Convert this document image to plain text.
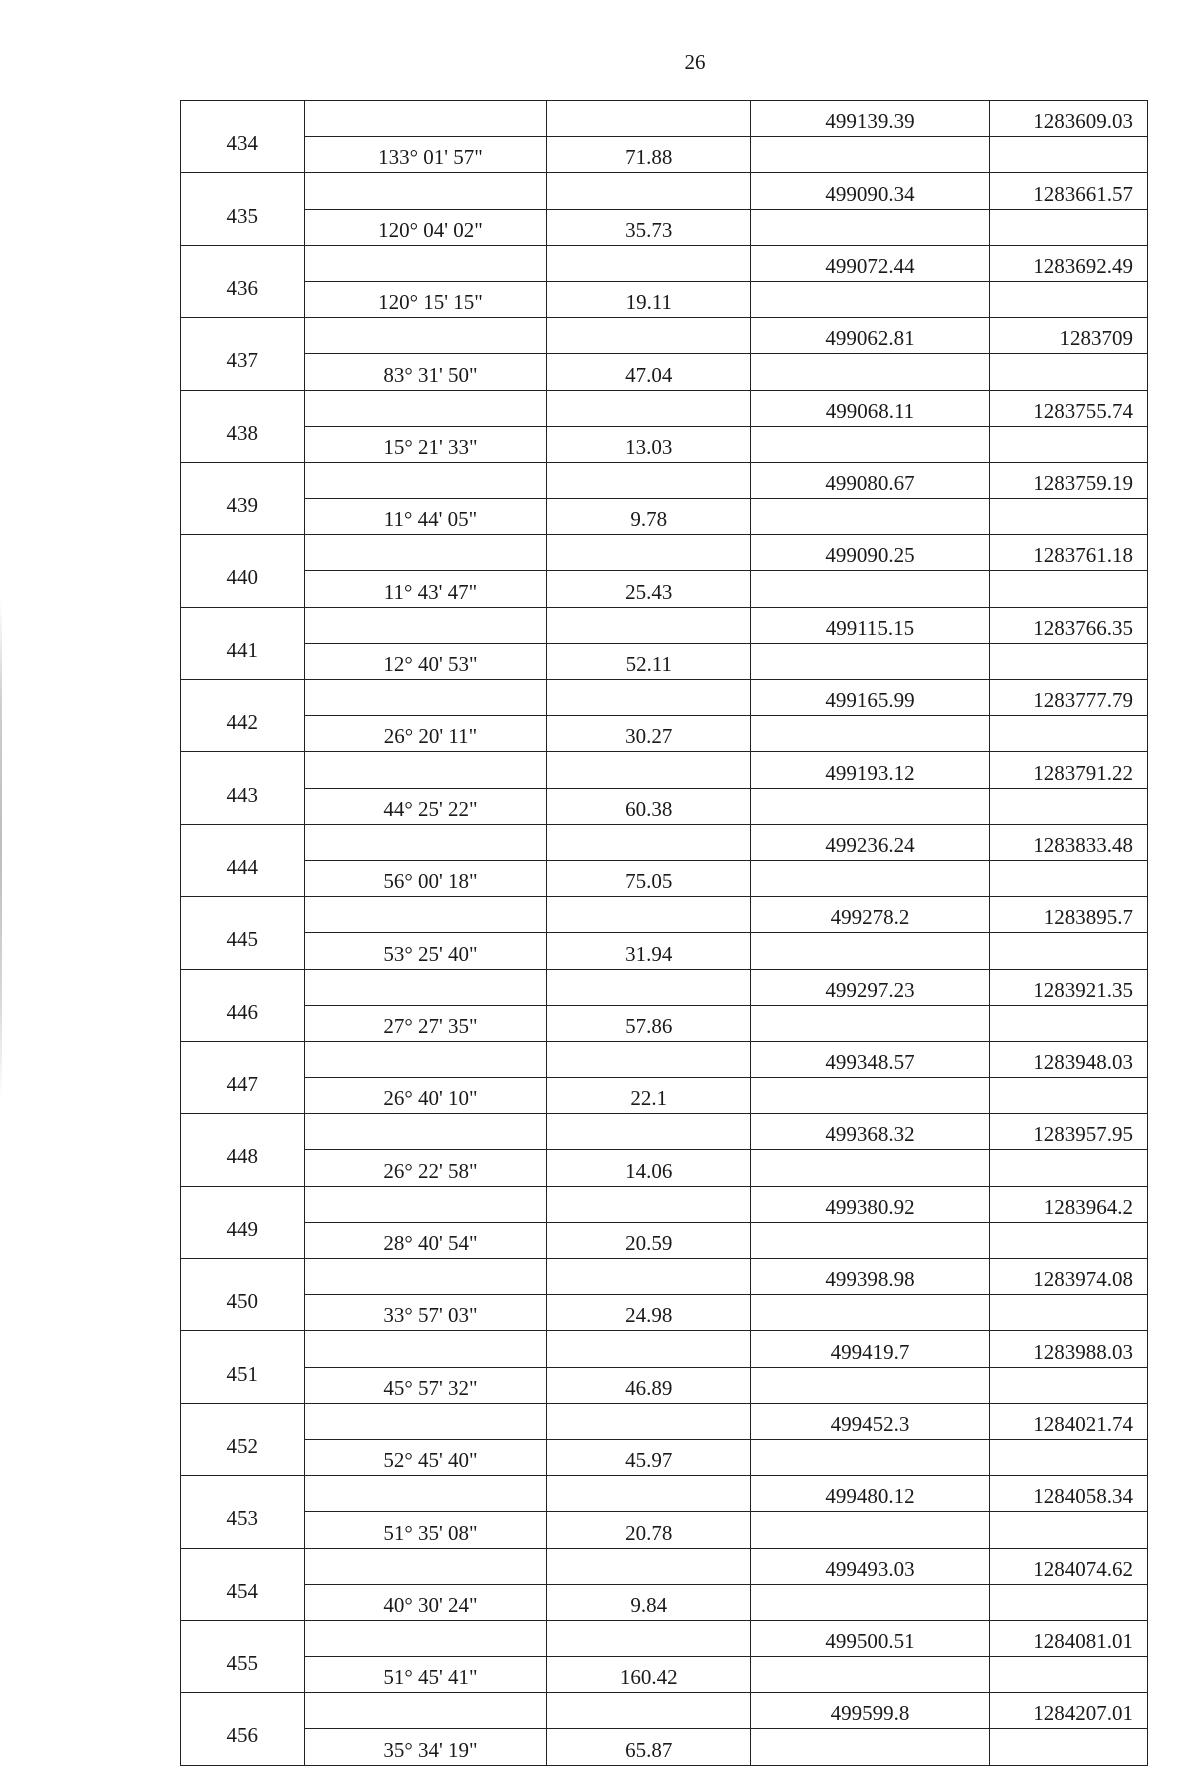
26
434			499139.39	1283609.03
	133° 01' 57"	71.88		
435			499090.34	1283661.57
	120° 04' 02"	35.73		
436			499072.44	1283692.49
	120° 15' 15"	19.11		
437			499062.81	1283709
	83° 31' 50"	47.04		
438			499068.11	1283755.74
	15° 21' 33"	13.03		
439			499080.67	1283759.19
	11° 44' 05"	9.78		
440			499090.25	1283761.18
	11° 43' 47"	25.43		
441			499115.15	1283766.35
	12° 40' 53"	52.11		
442			499165.99	1283777.79
	26° 20' 11"	30.27		
443			499193.12	1283791.22
	44° 25' 22"	60.38		
444			499236.24	1283833.48
	56° 00' 18"	75.05		
445			499278.2	1283895.7
	53° 25' 40"	31.94		
446			499297.23	1283921.35
	27° 27' 35"	57.86		
447			499348.57	1283948.03
	26° 40' 10"	22.1		
448			499368.32	1283957.95
	26° 22' 58"	14.06		
449			499380.92	1283964.2
	28° 40' 54"	20.59		
450			499398.98	1283974.08
	33° 57' 03"	24.98		
451			499419.7	1283988.03
	45° 57' 32"	46.89		
452			499452.3	1284021.74
	52° 45' 40"	45.97		
453			499480.12	1284058.34
	51° 35' 08"	20.78		
454			499493.03	1284074.62
	40° 30' 24"	9.84		
455			499500.51	1284081.01
	51° 45' 41"	160.42		
456			499599.8	1284207.01
	35° 34' 19"	65.87		
